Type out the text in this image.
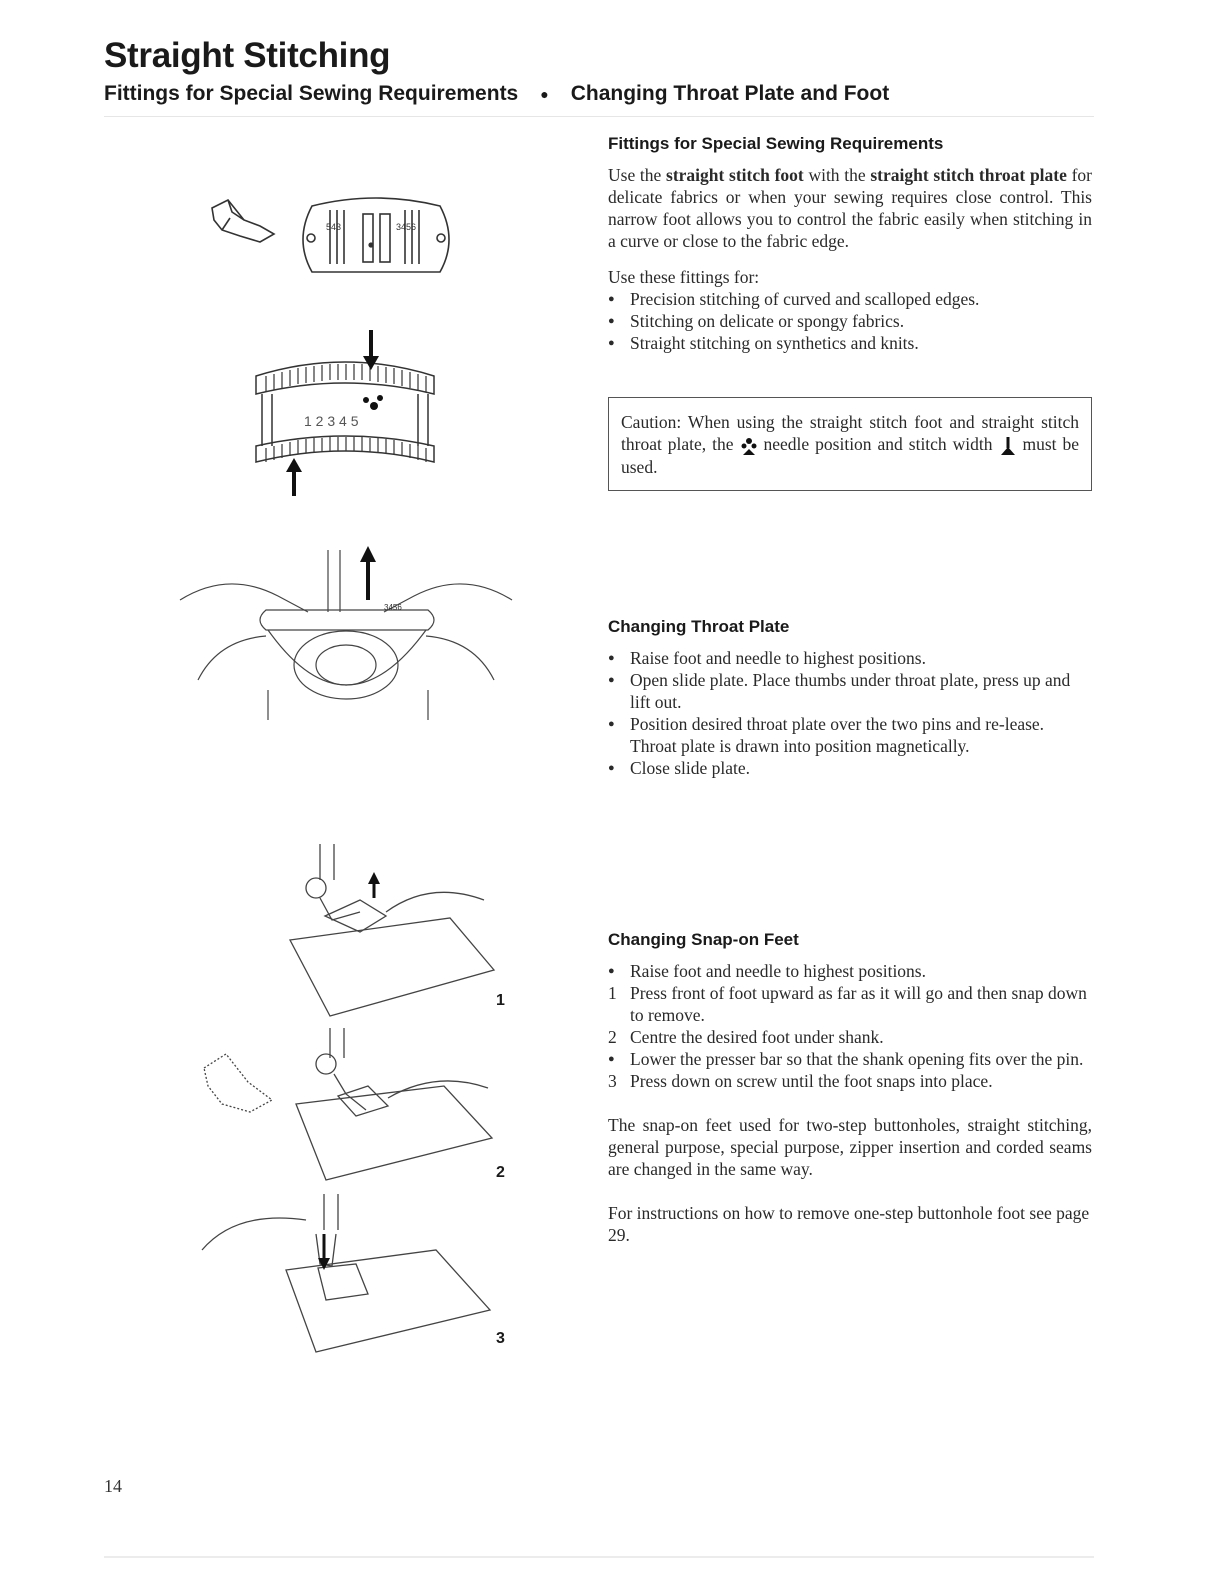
Straight Stitching
Fittings for Special Sewing Requirements ● Changing Throat Plate and Foot
543	3456
1 2 3 4 5
3456
1
2
3
Fittings for Special Sewing Requirements

Use the straight stitch foot with the straight stitch throat plate for delicate fabrics or when your sewing requires close control. This narrow foot allows you to control the fabric easily when stitching in a curve or close to the fabric edge.

Use these fittings for:

● Precision stitching of curved and scalloped edges.
● Stitching on delicate or spongy fabrics.
● Straight stitching on synthetics and knits.
Caution: When using the straight stitch foot and straight stitch throat plate, the needle position and stitch width must be used.
Changing Throat Plate
● Raise foot and needle to highest positions.
● Open slide plate. Place thumbs under throat plate, press up and lift out.
● Position desired throat plate over the two pins and re-lease. Throat plate is drawn into position magnetically.
● Close slide plate.
Changing Snap-on Feet
● Raise foot and needle to highest positions.
1 Press front of foot upward as far as it will go and then snap down to remove.
2 Centre the desired foot under shank.
● Lower the presser bar so that the shank opening fits over the pin.
3 Press down on screw until the foot snaps into place.

The snap-on feet used for two-step buttonholes, straight stitching, general purpose, special purpose, zipper insertion and corded seams are changed in the same way.

For instructions on how to remove one-step buttonhole foot see page 29.

14
